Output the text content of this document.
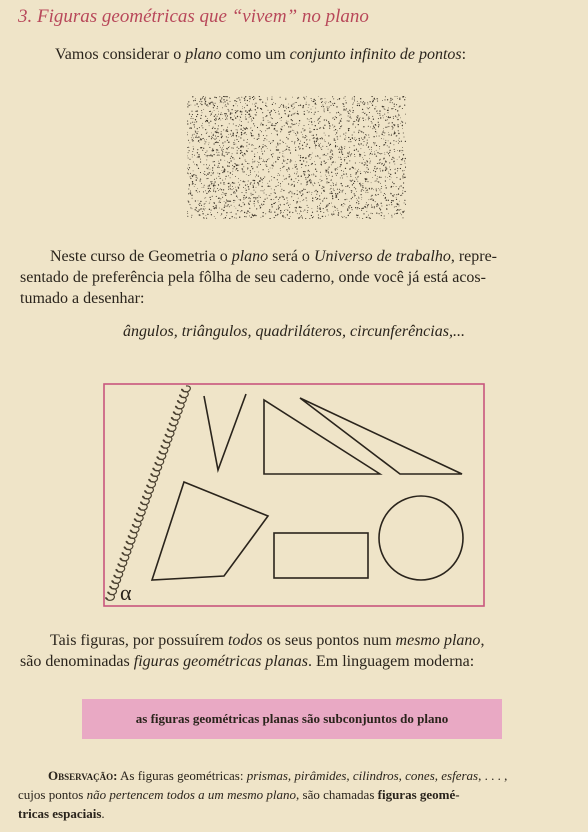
3. Figuras geométricas que “vivem” no plano
Vamos considerar o plano como um conjunto infinito de pontos:
Neste curso de Geometria o plano será o Universo de trabalho, repre-
sentado de preferência pela fôlha de seu caderno, onde você já está acos-
tumado a desenhar:
ângulos, triângulos, quadriláteros, circunferências,...
α
Tais figuras, por possuírem todos os seus pontos num mesmo plano,
são denominadas figuras geométricas planas. Em linguagem moderna:
as figuras geométricas planas são subconjuntos do plano
Observação: As figuras geométricas: prismas, pirâmides, cilindros, cones, esferas, . . . ,
cujos pontos não pertencem todos a um mesmo plano, são chamadas figuras geomé-
tricas espaciais.
